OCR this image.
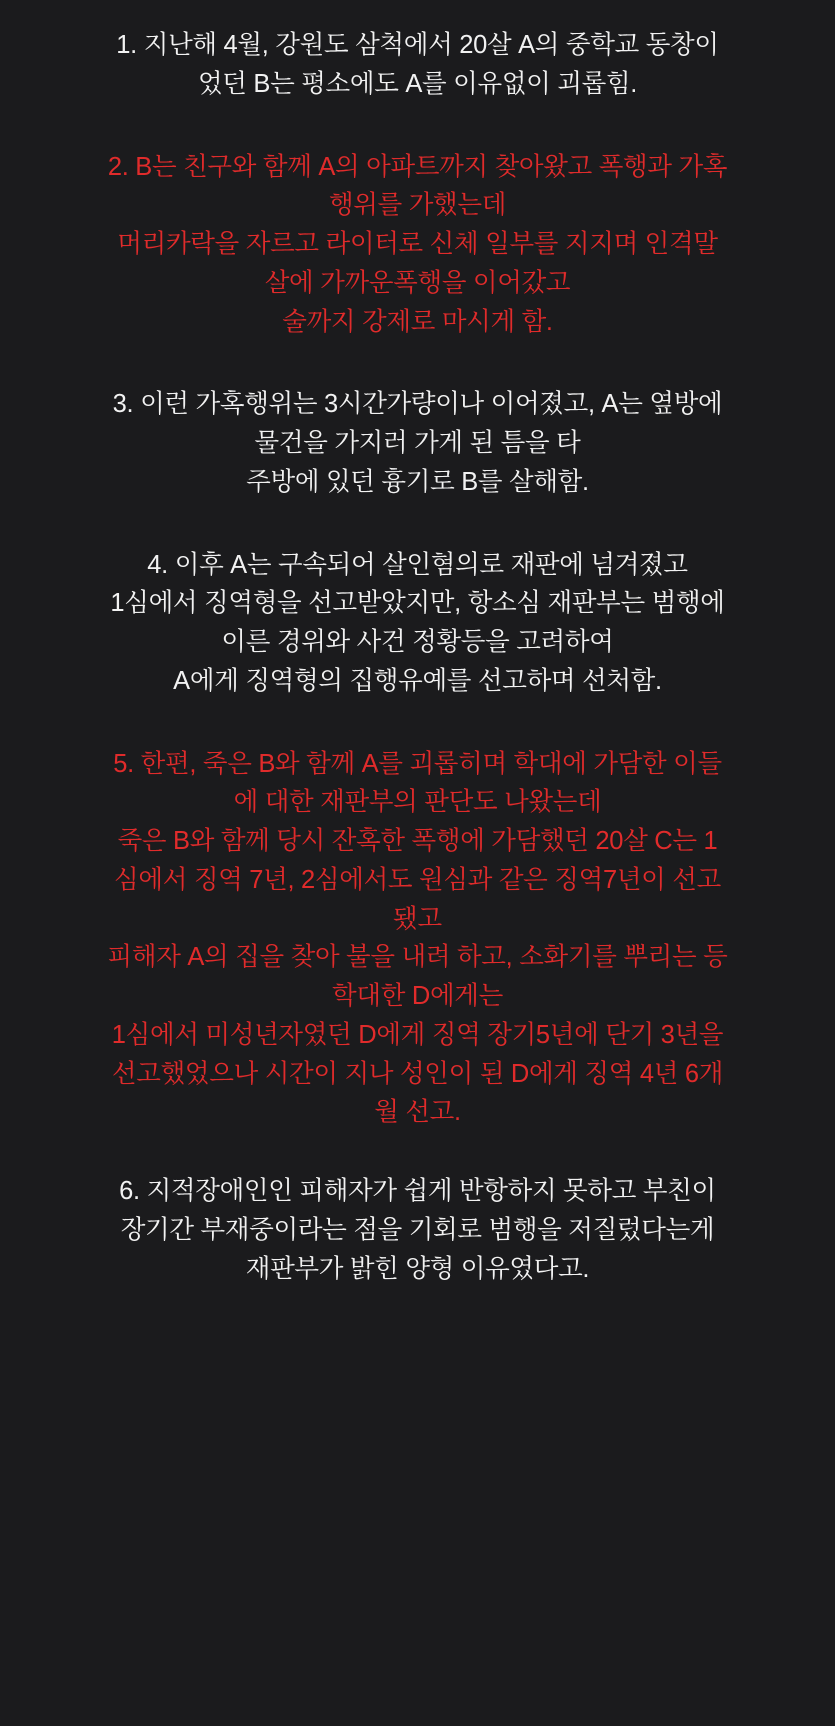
1. 지난해 4월, 강원도 삼척에서 20살 A의 중학교 동창이
었던 B는 평소에도 A를 이유없이 괴롭힘.

2. B는 친구와 함께 A의 아파트까지 찾아왔고 폭행과 가혹
행위를 가했는데
머리카락을 자르고 라이터로 신체 일부를 지지며 인격말
살에 가까운폭행을 이어갔고
술까지 강제로 마시게 함.

3. 이런 가혹행위는 3시간가량이나 이어졌고, A는 옆방에
물건을 가지러 가게 된 틈을 타
주방에 있던 흉기로 B를 살해함.

4. 이후 A는 구속되어 살인혐의로 재판에 넘겨졌고
1심에서 징역형을 선고받았지만, 항소심 재판부는 범행에
이른 경위와 사건 정황등을 고려하여
A에게 징역형의 집행유예를 선고하며 선처함.

5. 한편, 죽은 B와 함께 A를 괴롭히며 학대에 가담한 이들
에 대한 재판부의 판단도 나왔는데
죽은 B와 함께 당시 잔혹한 폭행에 가담했던 20살 C는 1
심에서 징역 7년, 2심에서도 원심과 같은 징역7년이 선고
됐고
피해자 A의 집을 찾아 불을 내려 하고, 소화기를 뿌리는 등
학대한 D에게는
1심에서 미성년자였던 D에게 징역 장기5년에 단기 3년을
선고했었으나 시간이 지나 성인이 된 D에게 징역 4년 6개
월 선고.

6. 지적장애인인 피해자가 쉽게 반항하지 못하고 부친이
장기간 부재중이라는 점을 기회로 범행을 저질렀다는게
재판부가 밝힌 양형 이유였다고.
